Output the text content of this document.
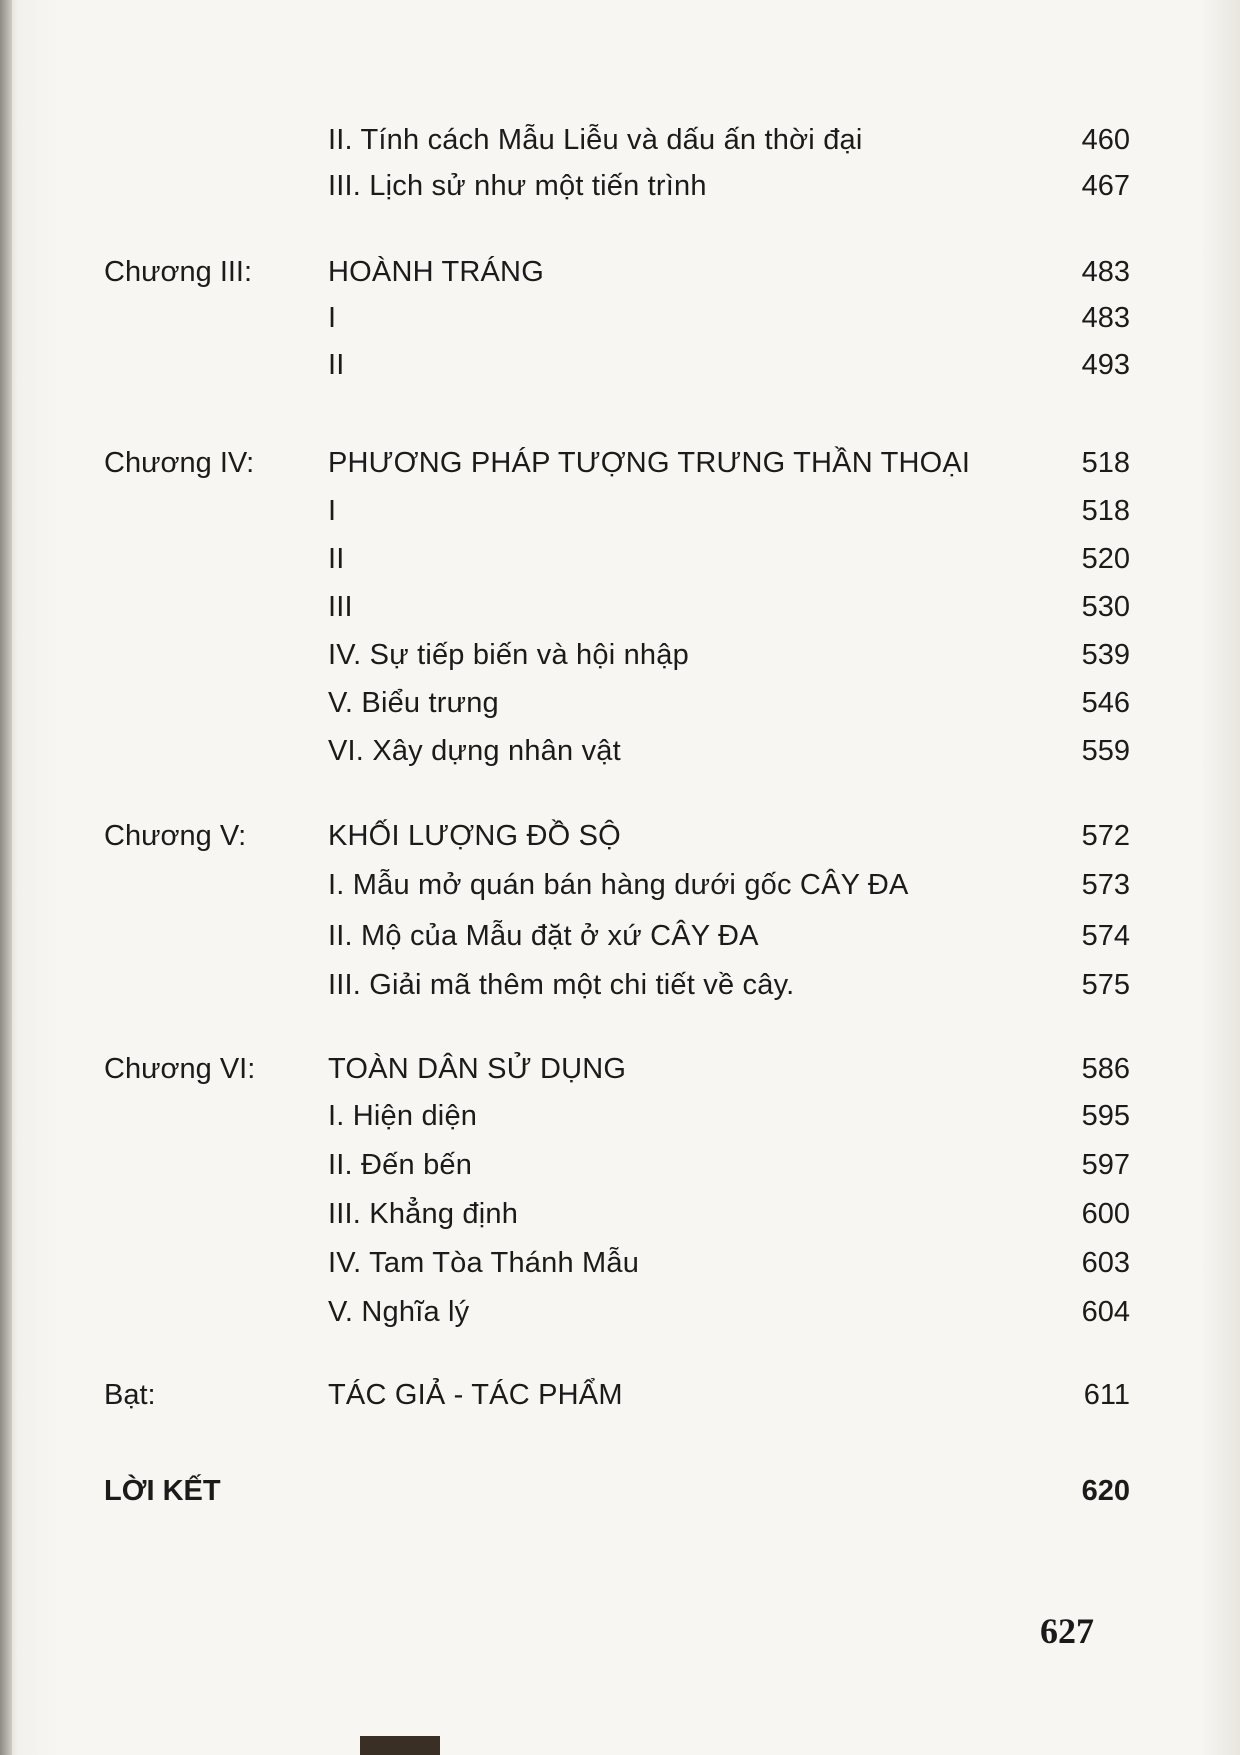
II. Tính cách Mẫu Liễu và dấu ấn thời đại	460
III. Lịch sử như một tiến trình	467
Chương III:	HOÀNH TRÁNG	483
I	483
II	493
Chương IV:	PHƯƠNG PHÁP TƯỢNG TRƯNG THẦN THOẠI	518
I	518
II	520
III	530
IV. Sự tiếp biến và hội nhập	539
V. Biểu trưng	546
VI. Xây dựng nhân vật	559
Chương V:	KHỐI LƯỢNG ĐỒ SỘ	572
I. Mẫu mở quán bán hàng dưới gốc CÂY ĐA	573
II. Mộ của Mẫu đặt ở xứ CÂY ĐA	574
III. Giải mã thêm một chi tiết về cây.	575
Chương VI:	TOÀN DÂN SỬ DỤNG	586
I. Hiện diện	595
II. Đến bến	597
III. Khẳng định	600
IV. Tam Tòa Thánh Mẫu	603
V. Nghĩa lý	604
Bạt:	TÁC GIẢ - TÁC PHẨM	611
LỜI KẾT	620
627
